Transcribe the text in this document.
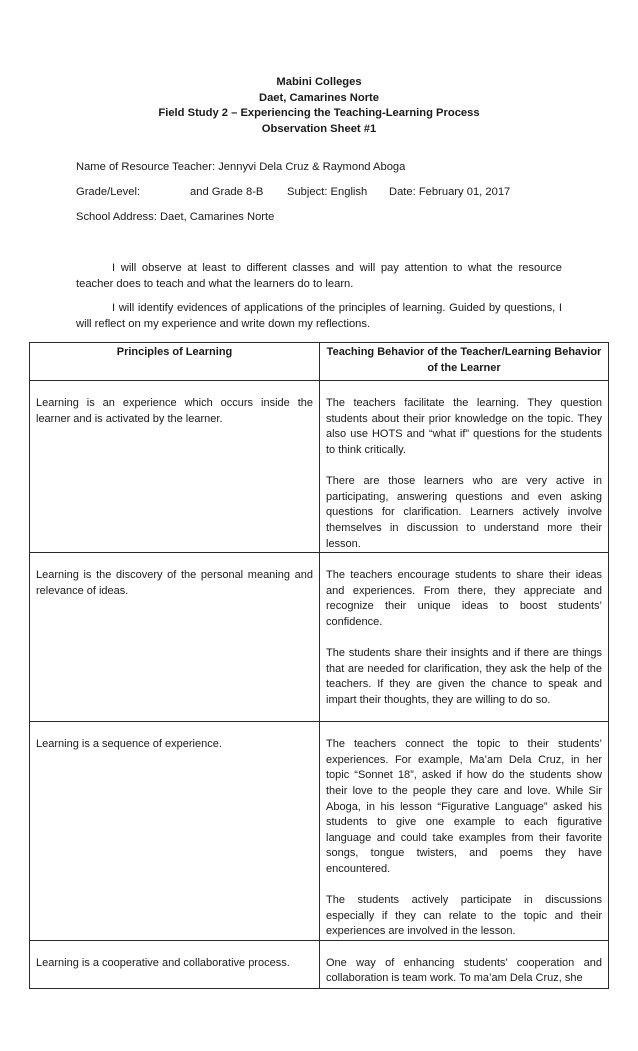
Mabini Colleges
Daet, Camarines Norte
Field Study 2 – Experiencing the Teaching-Learning Process
Observation Sheet #1
Name of Resource Teacher: Jennyvi Dela Cruz & Raymond Aboga
Grade/Level:	and Grade 8-B Subject: English Date: February 01, 2017
School Address: Daet, Camarines Norte
I will observe at least to different classes and will pay attention to what the resource teacher does to teach and what the learners do to learn.
I will identify evidences of applications of the principles of learning. Guided by questions, I will reflect on my experience and write down my reflections.
Principles of Learning	Teaching Behavior of the Teacher/Learning Behavior of the Learner

Learning is an experience which occurs inside the learner and is activated by the learner.	The teachers facilitate the learning. They question students about their prior knowledge on the topic. They also use HOTS and “what if” questions for the students to think critically.

There are those learners who are very active in participating, answering questions and even asking questions for clarification. Learners actively involve themselves in discussion to understand more their lesson.

Learning is the discovery of the personal meaning and relevance of ideas.	The teachers encourage students to share their ideas and experiences. From there, they appreciate and recognize their unique ideas to boost students’ confidence.

The students share their insights and if there are things that are needed for clarification, they ask the help of the teachers. If they are given the chance to speak and impart their thoughts, they are willing to do so.

Learning is a sequence of experience.	The teachers connect the topic to their students’ experiences. For example, Ma’am Dela Cruz, in her topic “Sonnet 18”, asked if how do the students show their love to the people they care and love. While Sir Aboga, in his lesson “Figurative Language” asked his students to give one example to each figurative language and could take examples from their favorite songs, tongue twisters, and poems they have encountered.

The students actively participate in discussions especially if they can relate to the topic and their experiences are involved in the lesson.

Learning is a cooperative and collaborative process.	One way of enhancing students’ cooperation and collaboration is team work. To ma’am Dela Cruz, she
